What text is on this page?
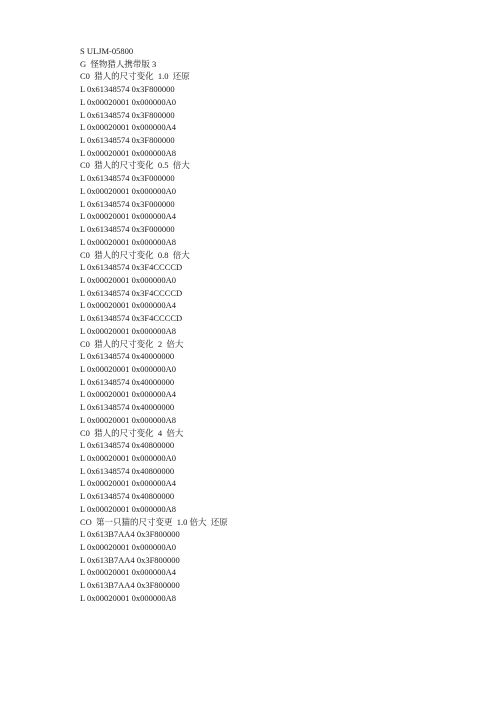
S ULJM-05800
G  怪物猎人携带版 3
C0  猎人的尺寸变化  1.0  还原
L 0x61348574 0x3F800000
L 0x00020001 0x000000A0
L 0x61348574 0x3F800000
L 0x00020001 0x000000A4
L 0x61348574 0x3F800000
L 0x00020001 0x000000A8
C0  猎人的尺寸变化  0.5  倍大
L 0x61348574 0x3F000000
L 0x00020001 0x000000A0
L 0x61348574 0x3F000000
L 0x00020001 0x000000A4
L 0x61348574 0x3F000000
L 0x00020001 0x000000A8
C0  猎人的尺寸变化  0.8  倍大
L 0x61348574 0x3F4CCCCD
L 0x00020001 0x000000A0
L 0x61348574 0x3F4CCCCD
L 0x00020001 0x000000A4
L 0x61348574 0x3F4CCCCD
L 0x00020001 0x000000A8
C0  猎人的尺寸变化  2  倍大
L 0x61348574 0x40000000
L 0x00020001 0x000000A0
L 0x61348574 0x40000000
L 0x00020001 0x000000A4
L 0x61348574 0x40000000
L 0x00020001 0x000000A8
C0  猎人的尺寸变化  4  倍大
L 0x61348574 0x40800000
L 0x00020001 0x000000A0
L 0x61348574 0x40800000
L 0x00020001 0x000000A4
L 0x61348574 0x40800000
L 0x00020001 0x000000A8
CO  第一只猫的尺寸变更  1.0 倍大  还原
L 0x613B7AA4 0x3F800000
L 0x00020001 0x000000A0
L 0x613B7AA4 0x3F800000
L 0x00020001 0x000000A4
L 0x613B7AA4 0x3F800000
L 0x00020001 0x000000A8
